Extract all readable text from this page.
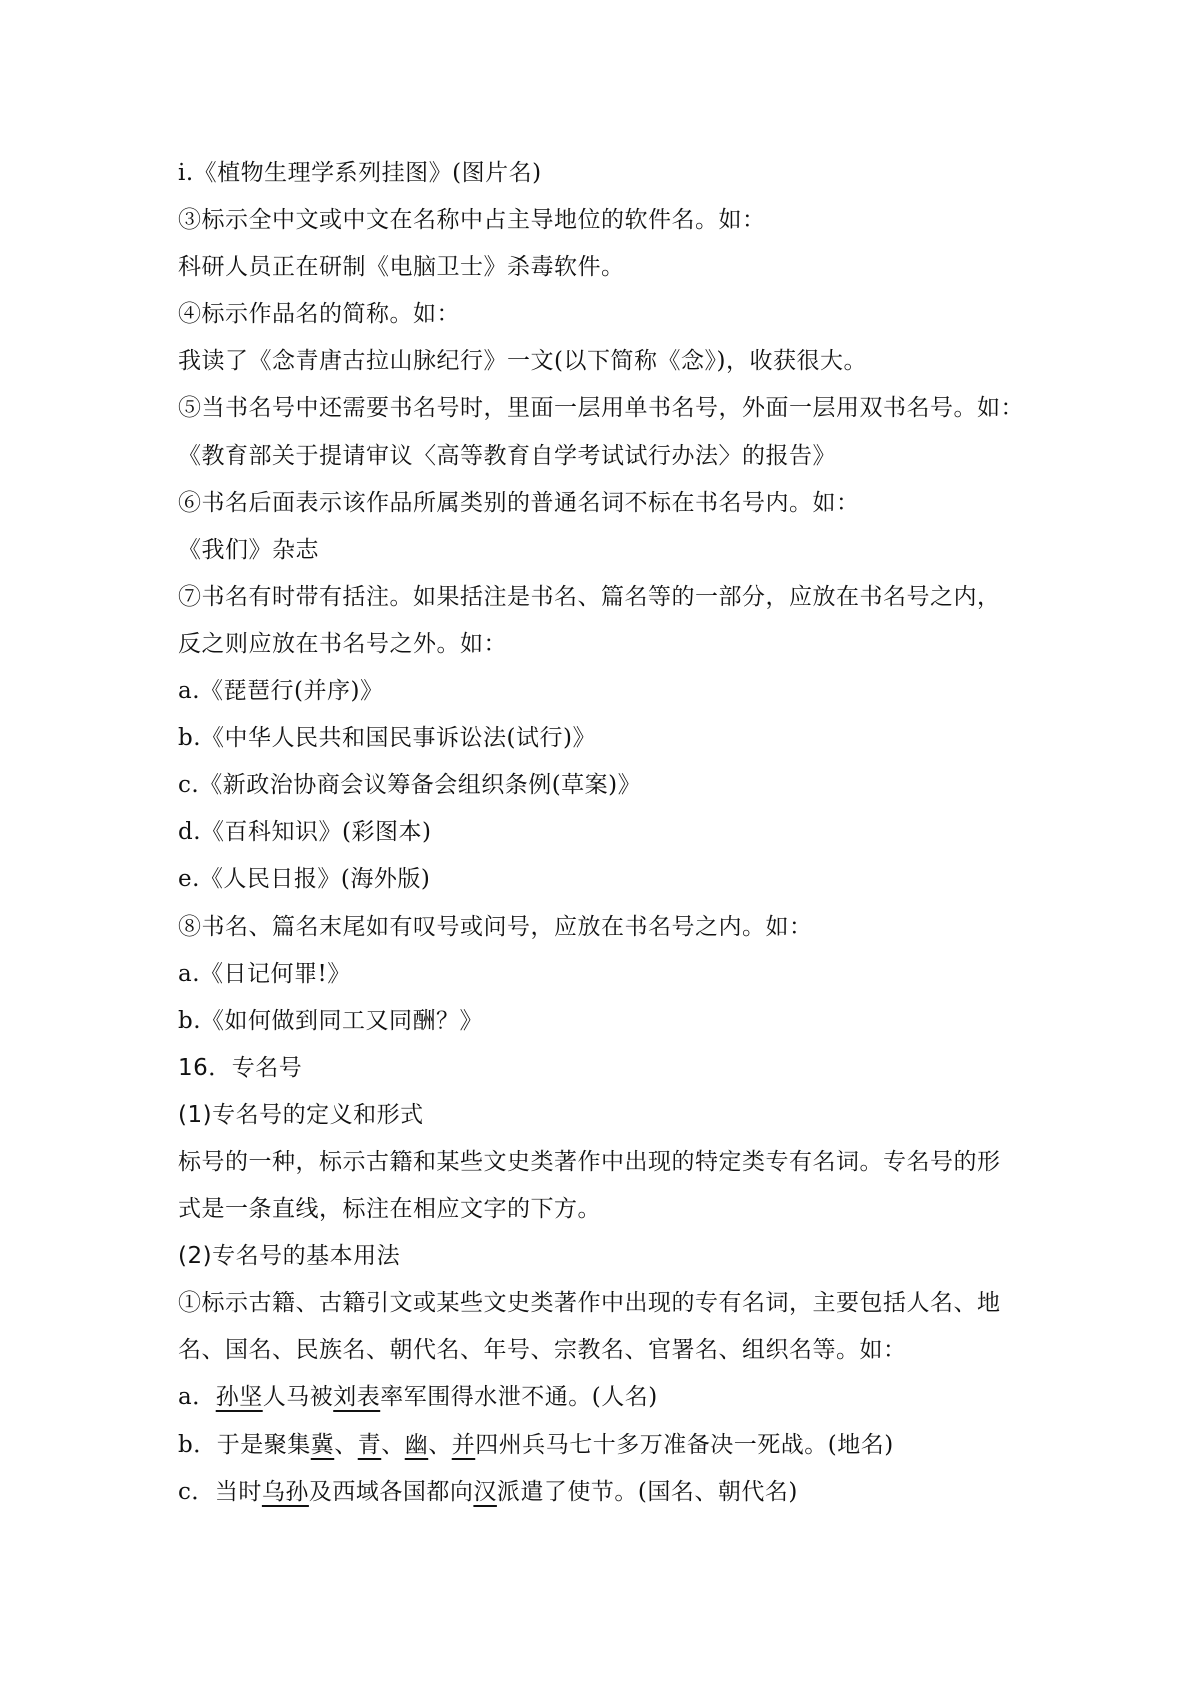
i.《植物生理学系列挂图》(图片名)
③标示全中文或中文在名称中占主导地位的软件名。如：
科研人员正在研制《电脑卫士》杀毒软件。
④标示作品名的简称。如：
我读了《念青唐古拉山脉纪行》一文(以下简称《念》)，收获很大。
⑤当书名号中还需要书名号时，里面一层用单书名号，外面一层用双书名号。如：
《教育部关于提请审议〈高等教育自学考试试行办法〉的报告》
⑥书名后面表示该作品所属类别的普通名词不标在书名号内。如：
《我们》杂志
⑦书名有时带有括注。如果括注是书名、篇名等的一部分，应放在书名号之内，
反之则应放在书名号之外。如：
a.《琵琶行(并序)》
b.《中华人民共和国民事诉讼法(试行)》
c.《新政治协商会议筹备会组织条例(草案)》
d.《百科知识》(彩图本)
e.《人民日报》(海外版)
⑧书名、篇名末尾如有叹号或问号，应放在书名号之内。如：
a.《日记何罪!》
b.《如何做到同工又同酬？》
16．专名号
(1)专名号的定义和形式
标号的一种，标示古籍和某些文史类著作中出现的特定类专有名词。专名号的形
式是一条直线，标注在相应文字的下方。
(2)专名号的基本用法
①标示古籍、古籍引文或某些文史类著作中出现的专有名词，主要包括人名、地
名、国名、民族名、朝代名、年号、宗教名、官署名、组织名等。如：
a．孙坚人马被刘表率军围得水泄不通。(人名)
b．于是聚集冀、青、幽、并四州兵马七十多万准备决一死战。(地名)
c．当时乌孙及西域各国都向汉派遣了使节。(国名、朝代名)
